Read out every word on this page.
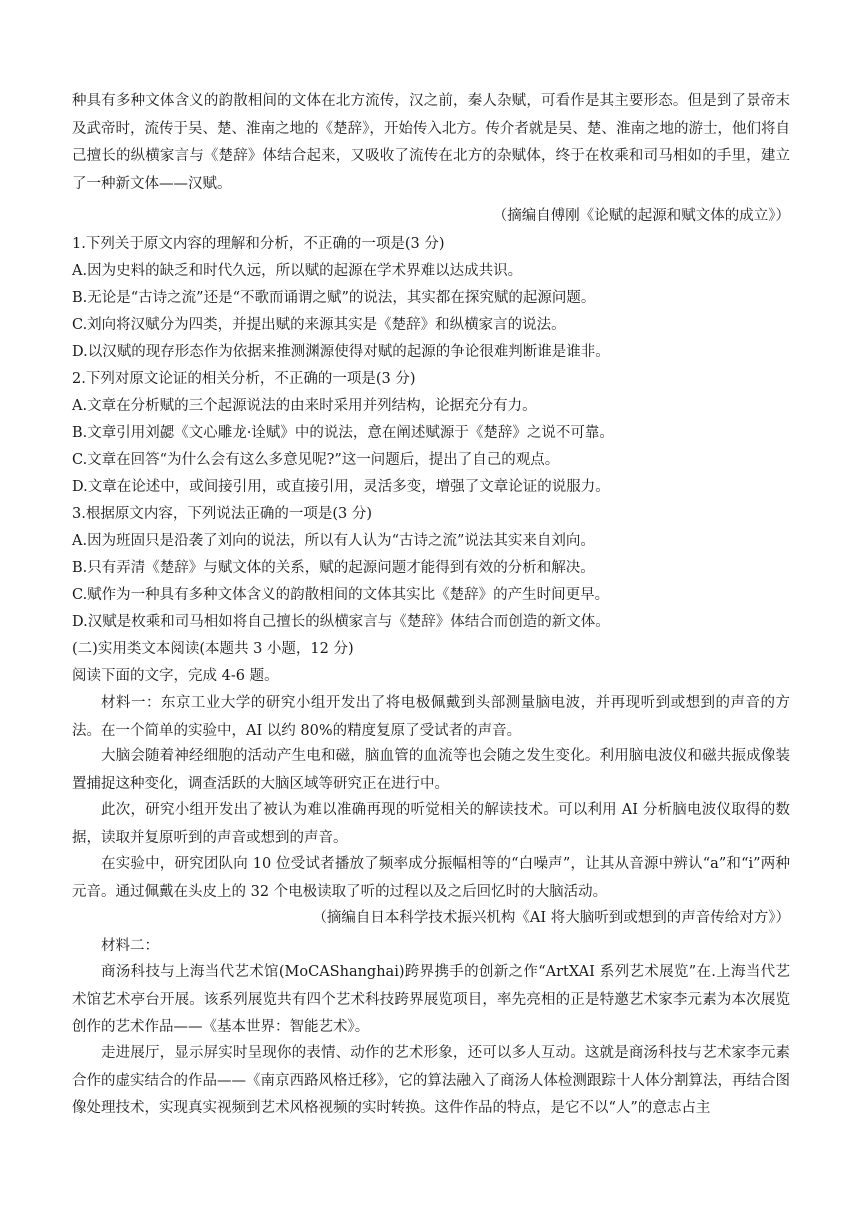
种具有多种文体含义的韵散相间的文体在北方流传，汉之前，秦人杂赋，可看作是其主要形态。但是到了景帝末及武帝时，流传于吴、楚、淮南之地的《楚辞》，开始传入北方。传介者就是吴、楚、淮南之地的游士，他们将自己擅长的纵横家言与《楚辞》体结合起来，又吸收了流传在北方的杂赋体，终于在枚乘和司马相如的手里，建立了一种新文体——汉赋。

（摘编自傅刚《论赋的起源和赋文体的成立》）

1.下列关于原文内容的理解和分析，不正确的一项是(3 分)

A.因为史料的缺乏和时代久远，所以赋的起源在学术界难以达成共识。

B.无论是“古诗之流”还是“不歌而诵谓之赋”的说法，其实都在探究赋的起源问题。

C.刘向将汉赋分为四类，并提出赋的来源其实是《楚辞》和纵横家言的说法。

D.以汉赋的现存形态作为依据来推测渊源使得对赋的起源的争论很难判断谁是谁非。

2.下列对原文论证的相关分析，不正确的一项是(3 分)

A.文章在分析赋的三个起源说法的由来时采用并列结构，论据充分有力。

B.文章引用刘勰《文心雕龙·诠赋》中的说法，意在阐述赋源于《楚辞》之说不可靠。

C.文章在回答“为什么会有这么多意见呢?”这一问题后，提出了自己的观点。

D.文章在论述中，或间接引用，或直接引用，灵活多变，增强了文章论证的说服力。

3.根据原文内容，下列说法正确的一项是(3 分)

A.因为班固只是沿袭了刘向的说法，所以有人认为“古诗之流”说法其实来自刘向。

B.只有弄清《楚辞》与赋文体的关系，赋的起源问题才能得到有效的分析和解决。

C.赋作为一种具有多种文体含义的韵散相间的文体其实比《楚辞》的产生时间更早。

D.汉赋是枚乘和司马相如将自己擅长的纵横家言与《楚辞》体结合而创造的新文体。

(二)实用类文本阅读(本题共 3 小题，12 分)

阅读下面的文字，完成 4-6 题。

材料一：东京工业大学的研究小组开发出了将电极佩戴到头部测量脑电波，并再现听到或想到的声音的方法。在一个简单的实验中，AI 以约 80%的精度复原了受试者的声音。

大脑会随着神经细胞的活动产生电和磁，脑血管的血流等也会随之发生变化。利用脑电波仪和磁共振成像装置捕捉这种变化，调查活跃的大脑区域等研究正在进行中。

此次，研究小组开发出了被认为难以准确再现的听觉相关的解读技术。可以利用 AI 分析脑电波仪取得的数据，读取并复原听到的声音或想到的声音。

在实验中，研究团队向 10 位受试者播放了频率成分振幅相等的“白噪声”，让其从音源中辨认“a”和“i”两种元音。通过佩戴在头皮上的 32 个电极读取了听的过程以及之后回忆时的大脑活动。

（摘编自日本科学技术振兴机构《AI 将大脑听到或想到的声音传给对方》）

材料二：

商汤科技与上海当代艺术馆(MoCAShanghai)跨界携手的创新之作“ArtXAI 系列艺术展览”在.上海当代艺术馆艺术亭台开展。该系列展览共有四个艺术科技跨界展览项目，率先亮相的正是特邀艺术家李元素为本次展览创作的艺术作品——《基本世界：智能艺术》。

走进展厅，显示屏实时呈现你的表情、动作的艺术形象，还可以多人互动。这就是商汤科技与艺术家李元素合作的虚实结合的作品——《南京西路风格迁移》，它的算法融入了商汤人体检测跟踪十人体分割算法，再结合图像处理技术，实现真实视频到艺术风格视频的实时转换。这件作品的特点，是它不以“人”的意志占主
